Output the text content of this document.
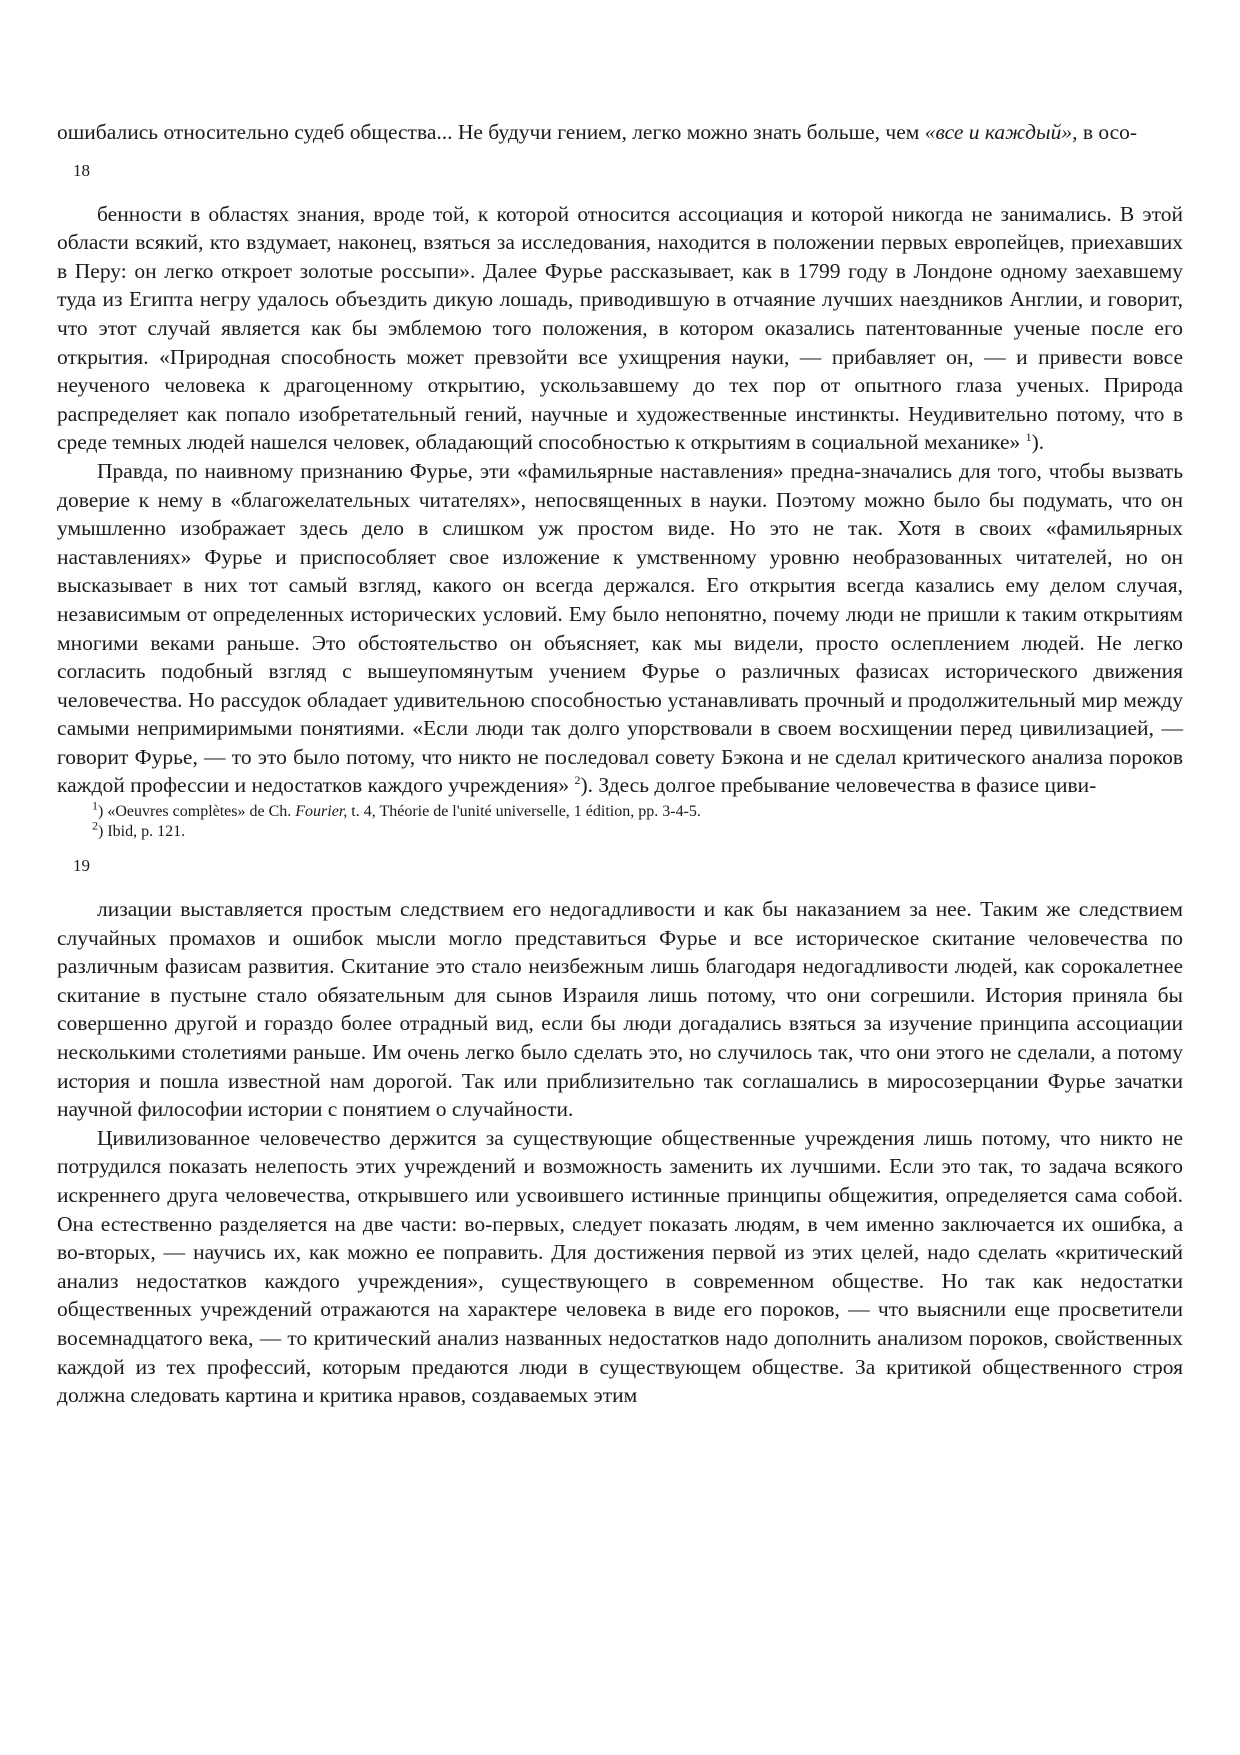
ошибались относительно судеб общества... Не будучи гением, легко можно знать больше, чем «все и каждый», в осо-

18

бенности в областях знания, вроде той, к которой относится ассоциация и которой никогда не занимались. В этой области всякий, кто вздумает, наконец, взяться за исследования, находится в положении первых европейцев, приехавших в Перу: он легко откроет золотые россыпи». Далее Фурье рассказывает, как в 1799 году в Лондоне одному заехавшему туда из Египта негру удалось объездить дикую лошадь, приводившую в отчаяние лучших наездников Англии, и говорит, что этот случай является как бы эмблемою того положения, в котором оказались патентованные ученые после его открытия. «Природная способность может превзойти все ухищрения науки, — прибавляет он, — и привести вовсе неученого человека к драгоценному открытию, ускользавшему до тех пор от опытного глаза ученых. Природа распределяет как попало изобретательный гений, научные и художественные инстинкты. Неудивительно потому, что в среде темных людей нашелся человек, обладающий способностью к открытиям в социальной механике» $^1$).

Правда, по наивному признанию Фурье, эти «фамильярные наставления» предна-значались для того, чтобы вызвать доверие к нему в «благожелательных читателях», непосвященных в науки. Поэтому можно было бы подумать, что он умышленно изображает здесь дело в слишком уж простом виде. Но это не так. Хотя в своих «фамильярных наставлениях» Фурье и приспособляет свое изложение к умственному уровню необразованных читателей, но он высказывает в них тот самый взгляд, какого он всегда держался. Его открытия всегда казались ему делом случая, независимым от определенных исторических условий. Ему было непонятно, почему люди не пришли к таким открытиям многими веками раньше. Это обстоятельство он объясняет, как мы видели, просто ослеплением людей. Не легко согласить подобный взгляд с вышеупомянутым учением Фурье о различных фазисах исторического движения человечества. Но рассудок обладает удивительною способностью устанавливать прочный и продолжительный мир между самыми непримиримыми понятиями. «Если люди так долго упорствовали в своем восхищении перед цивилизацией, — говорит Фурье, — то это было потому, что никто не последовал совету Бэкона и не сделал критического анализа пороков каждой профессии и недостатков каждого учреждения» $^2$). Здесь долгое пребывание человечества в фазисе циви-

$^1$) «Oeuvres complètes» de Ch. Fourier, t. 4, Théorie de l'unité universelle, 1 édition, pp. 3-4-5.

$^2$) Ibid, p. 121.

19

лизации выставляется простым следствием его недогадливости и как бы наказанием за нее. Таким же следствием случайных промахов и ошибок мысли могло представиться Фурье и все историческое скитание человечества по различным фазисам развития. Скитание это стало неизбежным лишь благодаря недогадливости людей, как сорокалетнее скитание в пустыне стало обязательным для сынов Израиля лишь потому, что они согрешили. История приняла бы совершенно другой и гораздо более отрадный вид, если бы люди догадались взяться за изучение принципа ассоциации несколькими столетиями раньше. Им очень легко было сделать это, но случилось так, что они этого не сделали, а потому история и пошла известной нам дорогой. Так или приблизительно так соглашались в миросозерцании Фурье зачатки научной философии истории с понятием о случайности.

Цивилизованное человечество держится за существующие общественные учреждения лишь потому, что никто не потрудился показать нелепость этих учреждений и возможность заменить их лучшими. Если это так, то задача всякого искреннего друга человечества, открывшего или усвоившего истинные принципы общежития, определяется сама собой. Она естественно разделяется на две части: во-первых, следует показать людям, в чем именно заключается их ошибка, а во-вторых, — научись их, как можно ее поправить. Для достижения первой из этих целей, надо сделать «критический анализ недостатков каждого учреждения», существующего в современном обществе. Но так как недостатки общественных учреждений отражаются на характере человека в виде его пороков, — что выяснили еще просветители восемнадцатого века, — то критический анализ названных недостатков надо дополнить анализом пороков, свойственных каждой из тех профессий, которым предаются люди в существующем обществе. За критикой общественного строя должна следовать картина и критика нравов, создаваемых этим
